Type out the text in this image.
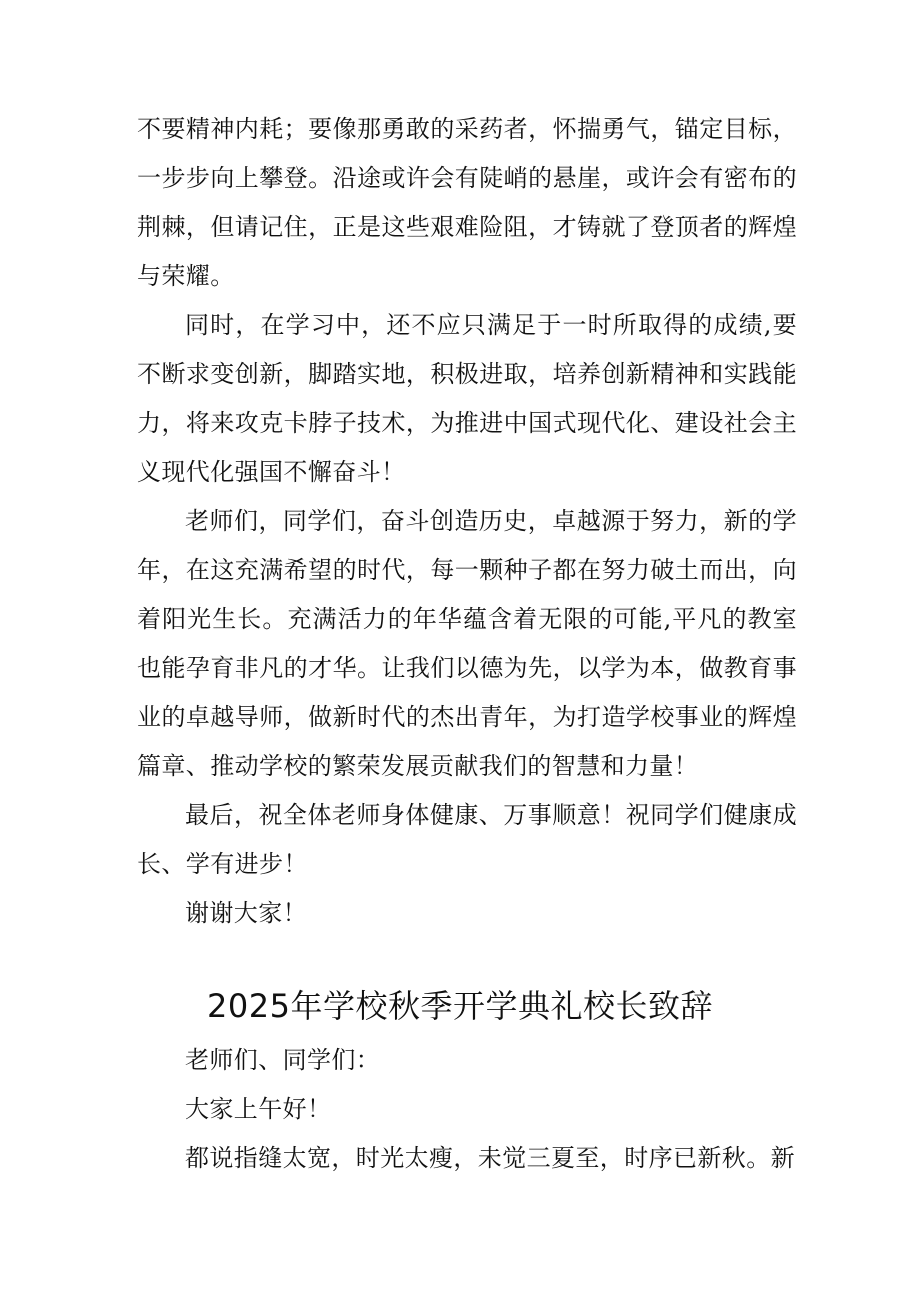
不要精神内耗；要像那勇敢的采药者，怀揣勇气，锚定目标，一步步向上攀登。沿途或许会有陡峭的悬崖，或许会有密布的荆棘，但请记住，正是这些艰难险阻，才铸就了登顶者的辉煌与荣耀。

同时，在学习中，还不应只满足于一时所取得的成绩,要不断求变创新，脚踏实地，积极进取，培养创新精神和实践能力，将来攻克卡脖子技术，为推进中国式现代化、建设社会主义现代化强国不懈奋斗！

老师们，同学们，奋斗创造历史，卓越源于努力，新的学年，在这充满希望的时代，每一颗种子都在努力破土而出，向着阳光生长。充满活力的年华蕴含着无限的可能,平凡的教室也能孕育非凡的才华。让我们以德为先，以学为本，做教育事业的卓越导师，做新时代的杰出青年，为打造学校事业的辉煌篇章、推动学校的繁荣发展贡献我们的智慧和力量！

最后，祝全体老师身体健康、万事顺意！祝同学们健康成长、学有进步！

谢谢大家！

2025年学校秋季开学典礼校长致辞

老师们、同学们：

大家上午好！

都说指缝太宽，时光太瘦，未觉三夏至，时序已新秋。新
